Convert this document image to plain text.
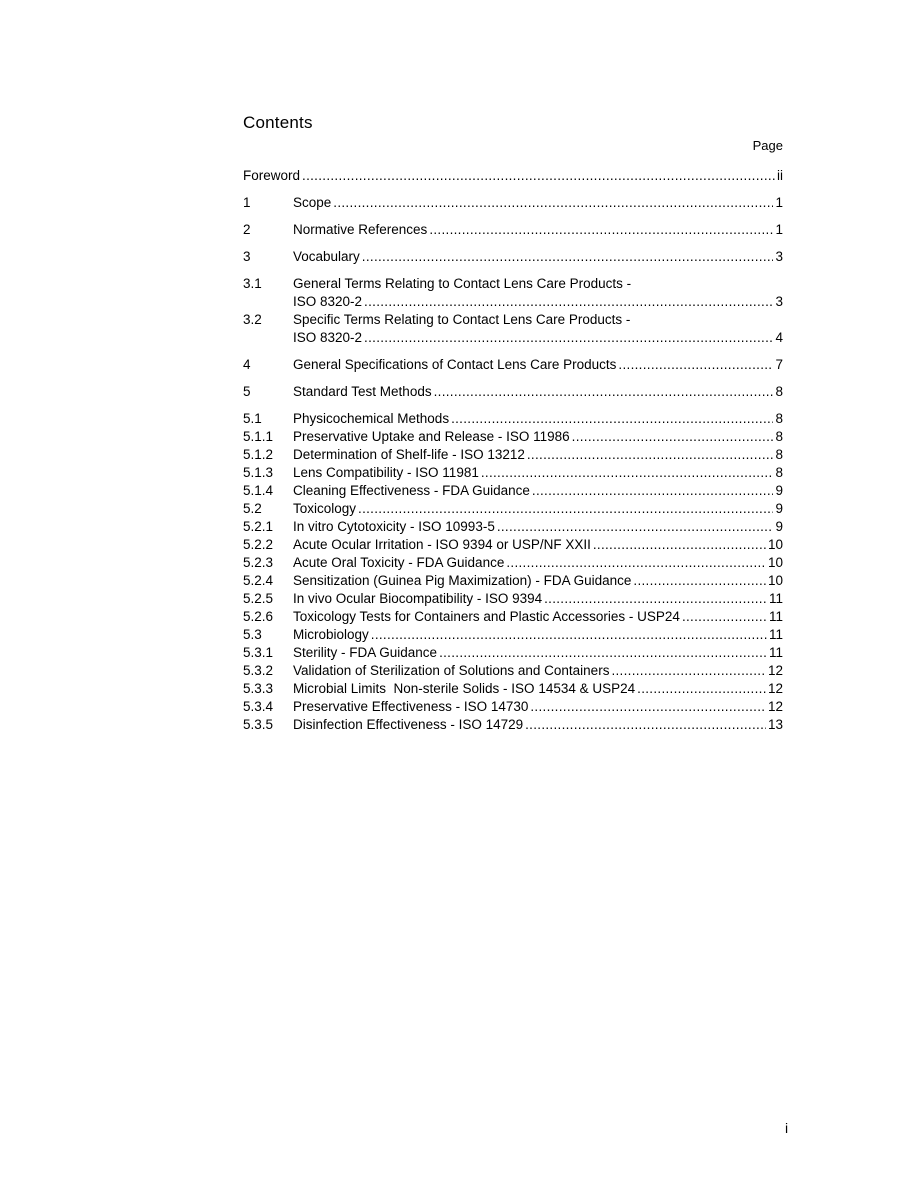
Contents
Page
Foreword .....	ii
1	Scope .....	1
2	Normative References .....	1
3	Vocabulary .....	3
3.1	General Terms Relating to Contact Lens Care Products -
ISO 8320-2 .....	3
3.2	Specific Terms Relating to Contact Lens Care Products -
ISO 8320-2 .....	4
4	General Specifications of Contact Lens Care Products .....	7
5	Standard Test Methods .....	8
5.1	Physicochemical Methods .....	8
5.1.1	Preservative Uptake and Release - ISO 11986 .....	8
5.1.2	Determination of Shelf-life - ISO 13212 .....	8
5.1.3	Lens Compatibility - ISO 11981 .....	8
5.1.4	Cleaning Effectiveness - FDA Guidance .....	9
5.2	Toxicology .....	9
5.2.1	In vitro Cytotoxicity - ISO 10993-5 .....	9
5.2.2	Acute Ocular Irritation - ISO 9394 or USP/NF XXII .....	10
5.2.3	Acute Oral Toxicity - FDA Guidance .....	10
5.2.4	Sensitization (Guinea Pig Maximization) - FDA Guidance .....	10
5.2.5	In vivo Ocular Biocompatibility - ISO 9394 .....	11
5.2.6	Toxicology Tests for Containers and Plastic Accessories - USP24 .....	11
5.3	Microbiology .....	11
5.3.1	Sterility - FDA Guidance .....	11
5.3.2	Validation of Sterilization of Solutions and Containers .....	12
5.3.3	Microbial Limits  Non-sterile Solids - ISO 14534 & USP24 .....	12
5.3.4	Preservative Effectiveness - ISO 14730 .....	12
5.3.5	Disinfection Effectiveness - ISO 14729 .....	13
i
